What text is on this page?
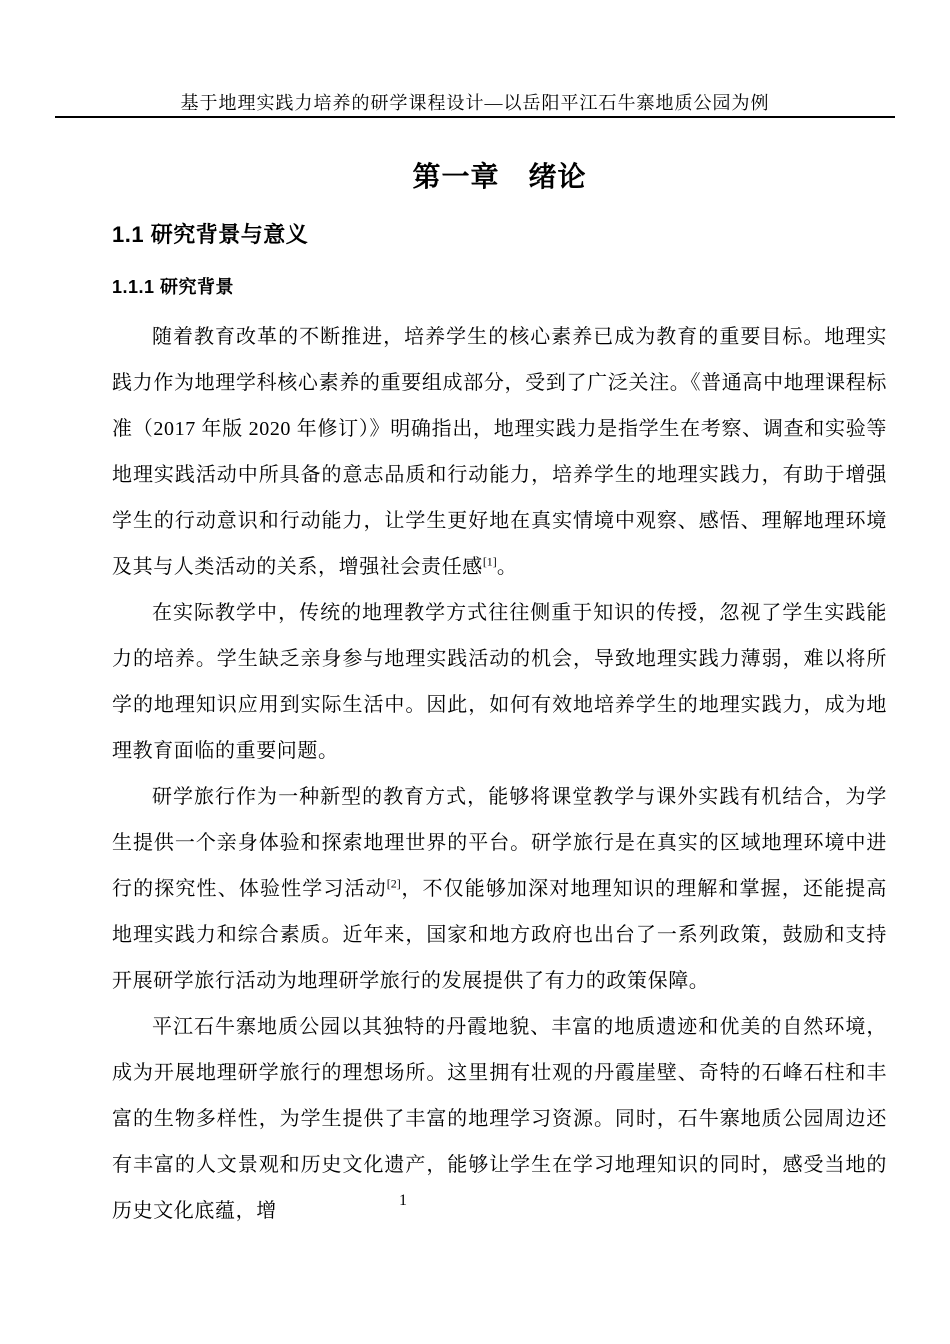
基于地理实践力培养的研学课程设计—以岳阳平江石牛寨地质公园为例
第一章　绪论
1.1 研究背景与意义
1.1.1 研究背景

随着教育改革的不断推进，培养学生的核心素养已成为教育的重要目标。地理实践力作为地理学科核心素养的重要组成部分，受到了广泛关注。《普通高中地理课程标准（2017 年版 2020 年修订）》明确指出，地理实践力是指学生在考察、调查和实验等地理实践活动中所具备的意志品质和行动能力，培养学生的地理实践力，有助于增强学生的行动意识和行动能力，让学生更好地在真实情境中观察、感悟、理解地理环境及其与人类活动的关系，增强社会责任感[1]。

在实际教学中，传统的地理教学方式往往侧重于知识的传授，忽视了学生实践能力的培养。学生缺乏亲身参与地理实践活动的机会，导致地理实践力薄弱，难以将所学的地理知识应用到实际生活中。因此，如何有效地培养学生的地理实践力，成为地理教育面临的重要问题。

研学旅行作为一种新型的教育方式，能够将课堂教学与课外实践有机结合，为学生提供一个亲身体验和探索地理世界的平台。研学旅行是在真实的区域地理环境中进行的探究性、体验性学习活动[2]，不仅能够加深对地理知识的理解和掌握，还能提高地理实践力和综合素质。近年来，国家和地方政府也出台了一系列政策，鼓励和支持开展研学旅行活动为地理研学旅行的发展提供了有力的政策保障。

平江石牛寨地质公园以其独特的丹霞地貌、丰富的地质遗迹和优美的自然环境，成为开展地理研学旅行的理想场所。这里拥有壮观的丹霞崖壁、奇特的石峰石柱和丰富的生物多样性，为学生提供了丰富的地理学习资源。同时，石牛寨地质公园周边还有丰富的人文景观和历史文化遗产，能够让学生在学习地理知识的同时，感受当地的历史文化底蕴，增	1
